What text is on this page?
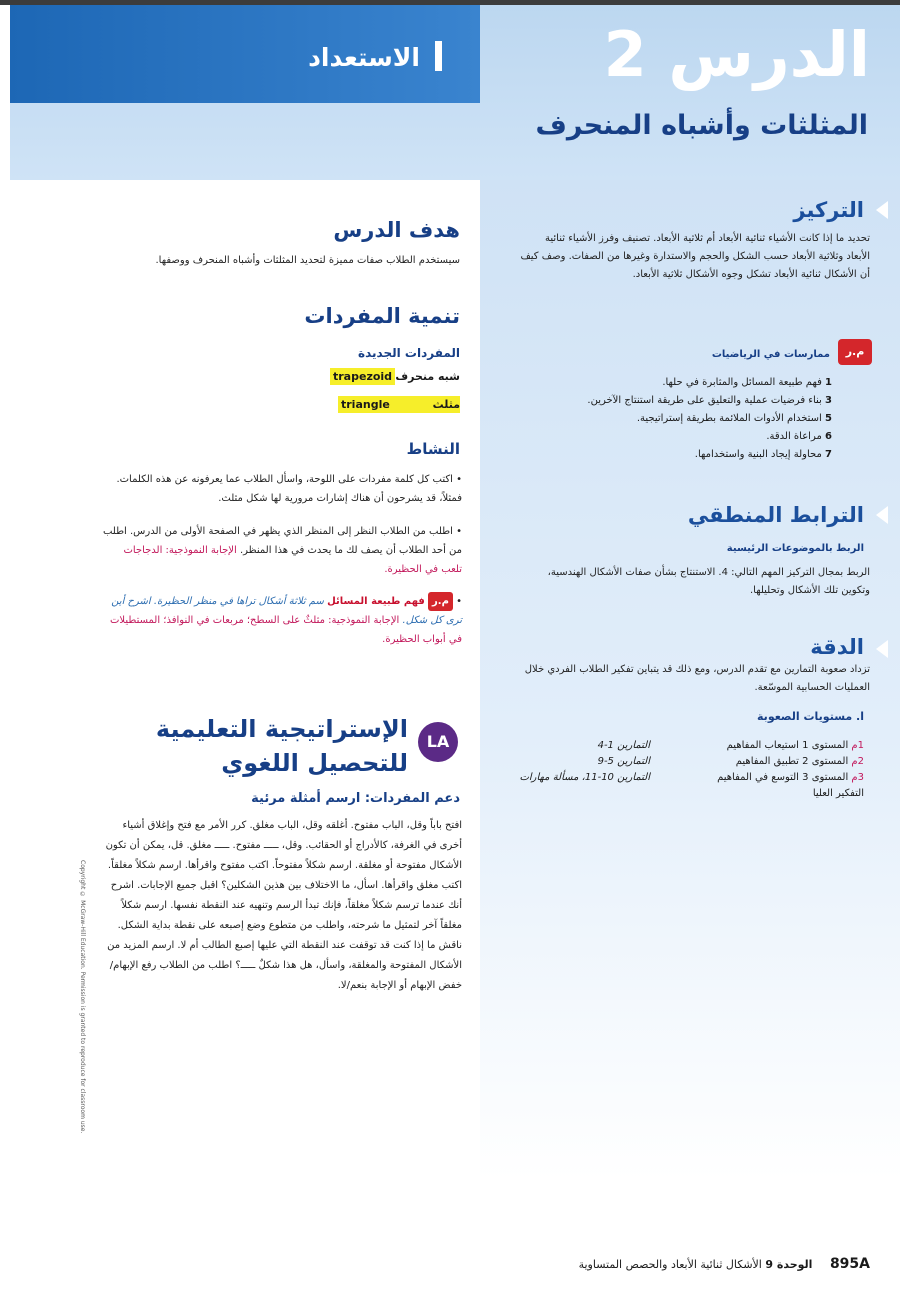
الاستعداد	الدرس 2
المثلثات وأشباه المنحرف
التركيز
تحديد ما إذا كانت الأشياء ثنائية الأبعاد أم ثلاثية الأبعاد. تصنيف وفرز الأشياء ثنائية الأبعاد وثلاثية الأبعاد حسب الشكل والحجم والاستدارة وغيرها من الصفات. وصف كيف أن الأشكال ثنائية الأبعاد تشكل وجوه الأشكال ثلاثية الأبعاد.
م.ر
ممارسات في الرياضيات
1 فهم طبيعة المسائل والمثابرة في حلها.
3 بناء فرضيات عملية والتعليق على طريقة استنتاج الآخرين.
5 استخدام الأدوات الملائمة بطريقة إستراتيجية.
6 مراعاة الدقة.
7 محاولة إيجاد البنية واستخدامها.
الترابط المنطقي
الربط بالموضوعات الرئيسية
الربط بمجال التركيز المهم التالي: 4. الاستنتاج بشأن صفات الأشكال الهندسية، وتكوين تلك الأشكال وتحليلها.
الدقة
تزداد صعوبة التمارين مع تقدم الدرس، ومع ذلك قد يتباين تفكير الطلاب الفردي خلال العمليات الحسابية الموسّعة.
ا. مستويات الصعوبة
1م المستوى 1 استيعاب المفاهيم
2م المستوى 2 تطبيق المفاهيم
3م المستوى 3 التوسع في المفاهيم
التفكير العليا
التمارين 1-4
التمارين 5-9
التمارين 10-11، مسألة مهارات
هدف الدرس
سيستخدم الطلاب صفات مميزة لتحديد المثلثات وأشباه المنحرف ووصفها.
تنمية المفردات
المفردات الجديدة
شبه منحرف
trapezoid
مثلث
triangle
النشاط
• اكتب كل كلمة مفردات على اللوحة، واسأل الطلاب عما يعرفونه عن هذه الكلمات. فمثلاً، قد يشرحون أن هناك إشارات مرورية لها شكل مثلث.
• اطلب من الطلاب النظر إلى المنظر الذي يظهر في الصفحة الأولى من الدرس. اطلب من أحد الطلاب أن يصف لك ما يحدث في هذا المنظر. الإجابة النموذجية: الدجاجات تلعب في الحظيرة.
• م.ر فهم طبيعة المسائل سم ثلاثة أشكال تراها في منظر الحظيرة. اشرح أين ترى كل شكل. الإجابة النموذجية: مثلثٌ على السطح؛ مربعات في النوافذ؛ المستطيلات في أبواب الحظيرة.
LA
الإستراتيجية التعليمية
للتحصيل اللغوي
دعم المفردات: ارسم أمثلة مرئية
افتح باباً وقل، الباب مفتوح. أغلقه وقل، الباب مغلق. كرر الأمر مع فتح وإغلاق أشياء أخرى في الغرفة، كالأدراج أو الحقائب. وقل، ـــــ مفتوح. ـــــ مغلق. قل، يمكن أن تكون الأشكال مفتوحة أو مغلقة. ارسم شكلاً مفتوحاً. اكتب مفتوح واقرأها. ارسم شكلاً مغلقاً. اكتب مغلق واقرأها. اسأل، ما الاختلاف بين هذين الشكلين؟ اقبل جميع الإجابات. اشرح أنك عندما ترسم شكلاً مغلقاً، فإنك تبدأ الرسم وتنهيه عند النقطة نفسها. ارسم شكلاً مغلقاً آخر لتمثيل ما شرحته، واطلب من متطوع وضع إصبعه على نقطة بداية الشكل. ناقش ما إذا كنت قد توقفت عند النقطة التي عليها إصبع الطالب أم لا. ارسم المزيد من الأشكال المفتوحة والمغلقة، واسأل، هل هذا شكلٌ ـــــ؟ اطلب من الطلاب رفع الإبهام/ خفض الإبهام أو الإجابة بنعم/لا.
Copyright © McGraw-Hill Education. Permission is granted to reproduce for classroom use.
895A الوحدة 9 الأشكال ثنائية الأبعاد والحصص المتساوية
